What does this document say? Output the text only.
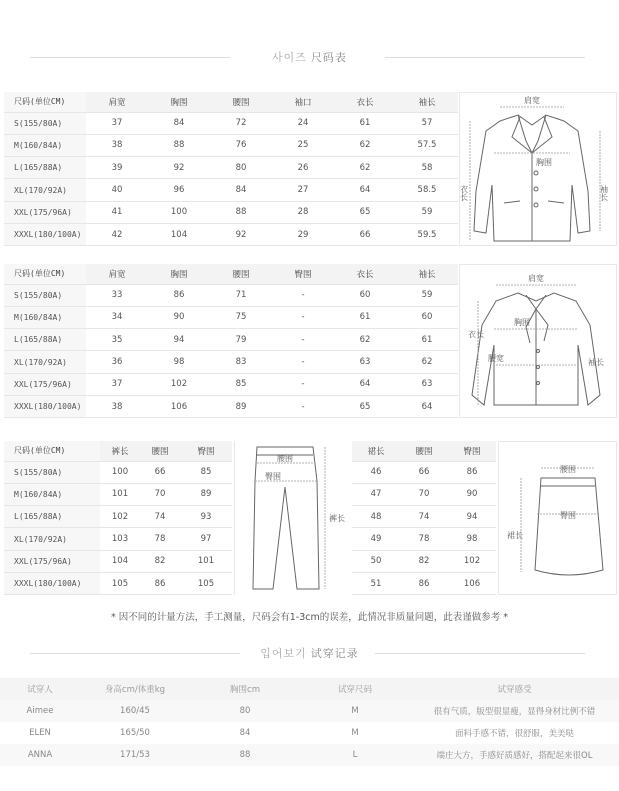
사이즈 尺码表
尺码(单位CM)	肩宽	胸围	腰围	袖口	衣长	袖长
S(155/80A)	37	84	72	24	61	57
M(160/84A)	38	88	76	25	62	57.5
L(165/88A)	39	92	80	26	62	58
XL(170/92A)	40	96	84	27	64	58.5
XXL(175/96A)	41	100	88	28	65	59
XXXL(180/100A)	42	104	92	29	66	59.5
肩宽
胸围
衣长	袖长
尺码(单位CM)	肩宽	胸围	腰围	臀围	衣长	袖长
S(155/80A)	33	86	71	-	60	59
M(160/84A)	34	90	75	-	61	60
L(165/88A)	35	94	79	-	62	61
XL(170/92A)	36	98	83	-	63	62
XXL(175/96A)	37	102	85	-	64	63
XXXL(180/100A)	38	106	89	-	65	64
肩宽
胸围
衣长
腰宽	袖长
尺码(单位CM)	裤长	腰围	臀围
S(155/80A)	100	66	85
M(160/84A)	101	70	89
L(165/88A)	102	74	93
XL(170/92A)	103	78	97
XXL(175/96A)	104	82	101
XXXL(180/100A)	105	86	105
腰围
臀围
裤长
裙长	腰围	臀围
46	66	86
47	70	90
48	74	94
49	78	98
50	82	102
51	86	106
腰围
臀围
裙长
* 因不同的计量方法，手工测量，尺码会有1-3cm的误差，此情况非质量问题，此表谨做参考 *
입어보기 试穿记录
试穿人	身高cm/体重kg	胸围cm	试穿尺码	试穿感受
Aimee	160/45	80	M	很有气质，版型很显瘦，显得身材比例不错
ELEN	165/50	84	M	面料手感不错，很舒服，美美哒
ANNA	171/53	88	L	端庄大方，手感好质感好，搭配起来很OL
